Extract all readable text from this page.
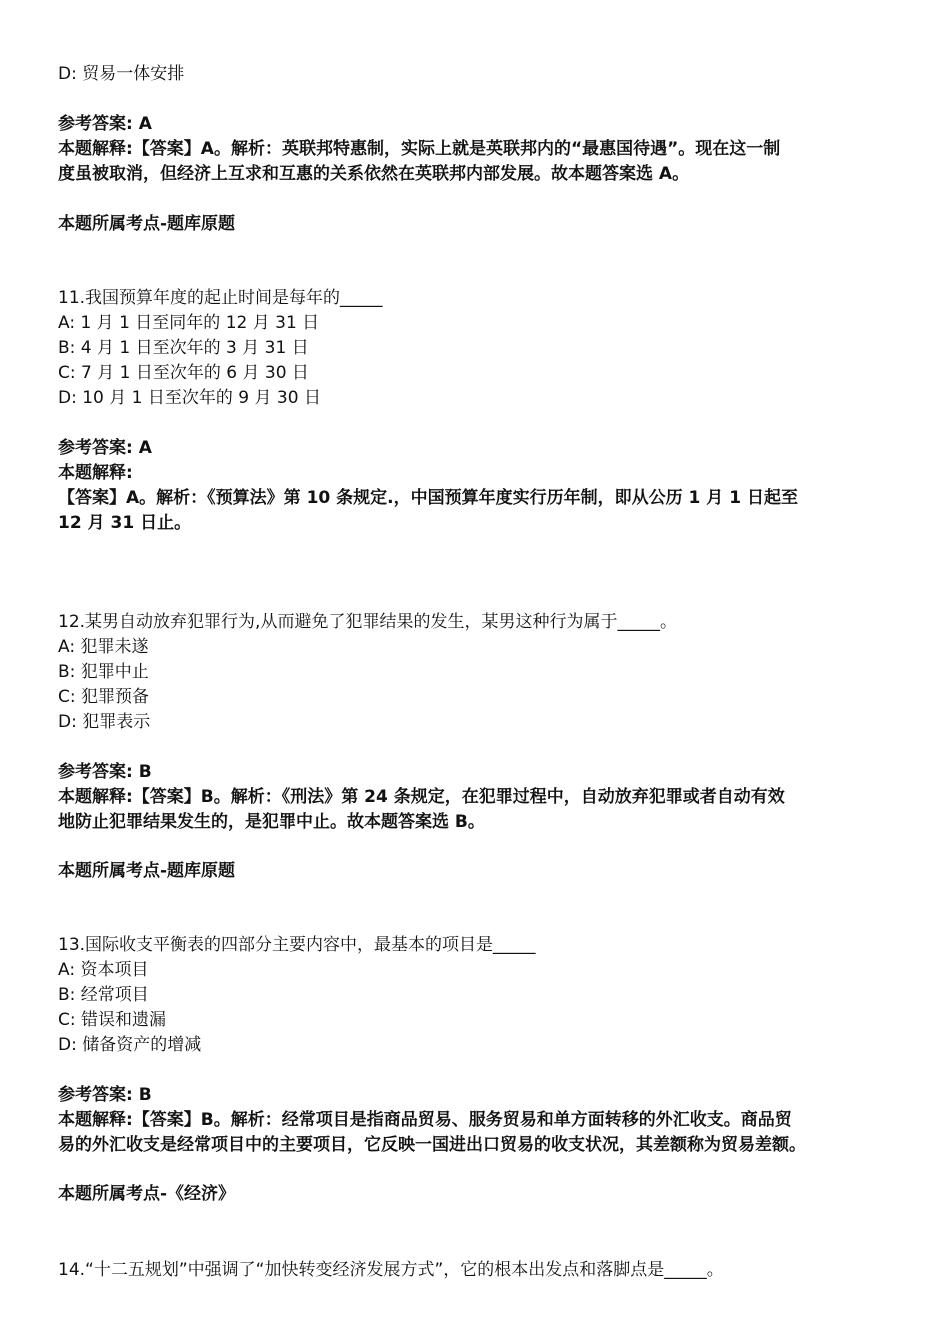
D: 贸易一体安排
参考答案: A
本题解释:【答案】A。解析：英联邦特惠制，实际上就是英联邦内的“最惠国待遇”。现在这一制
度虽被取消，但经济上互求和互惠的关系依然在英联邦内部发展。故本题答案选 A。
本题所属考点-题库原题
11.我国预算年度的起止时间是每年的_____
A: 1 月 1 日至同年的 12 月 31 日
B: 4 月 1 日至次年的 3 月 31 日
C: 7 月 1 日至次年的 6 月 30 日
D: 10 月 1 日至次年的 9 月 30 日
参考答案: A
本题解释:
【答案】A。解析：《预算法》第 10 条规定.，中国预算年度实行历年制，即从公历 1 月 1 日起至
12 月 31 日止。
12.某男自动放弃犯罪行为,从而避免了犯罪结果的发生，某男这种行为属于_____。
A: 犯罪未遂
B: 犯罪中止
C: 犯罪预备
D: 犯罪表示
参考答案: B
本题解释:【答案】B。解析：《刑法》第 24 条规定，在犯罪过程中，自动放弃犯罪或者自动有效
地防止犯罪结果发生的，是犯罪中止。故本题答案选 B。
本题所属考点-题库原题
13.国际收支平衡表的四部分主要内容中，最基本的项目是_____
A: 资本项目
B: 经常项目
C: 错误和遗漏
D: 储备资产的增减
参考答案: B
本题解释:【答案】B。解析：经常项目是指商品贸易、服务贸易和单方面转移的外汇收支。商品贸
易的外汇收支是经常项目中的主要项目，它反映一国进出口贸易的收支状况，其差额称为贸易差额。
本题所属考点-《经济》
14.“十二五规划”中强调了“加快转变经济发展方式”，它的根本出发点和落脚点是_____。
